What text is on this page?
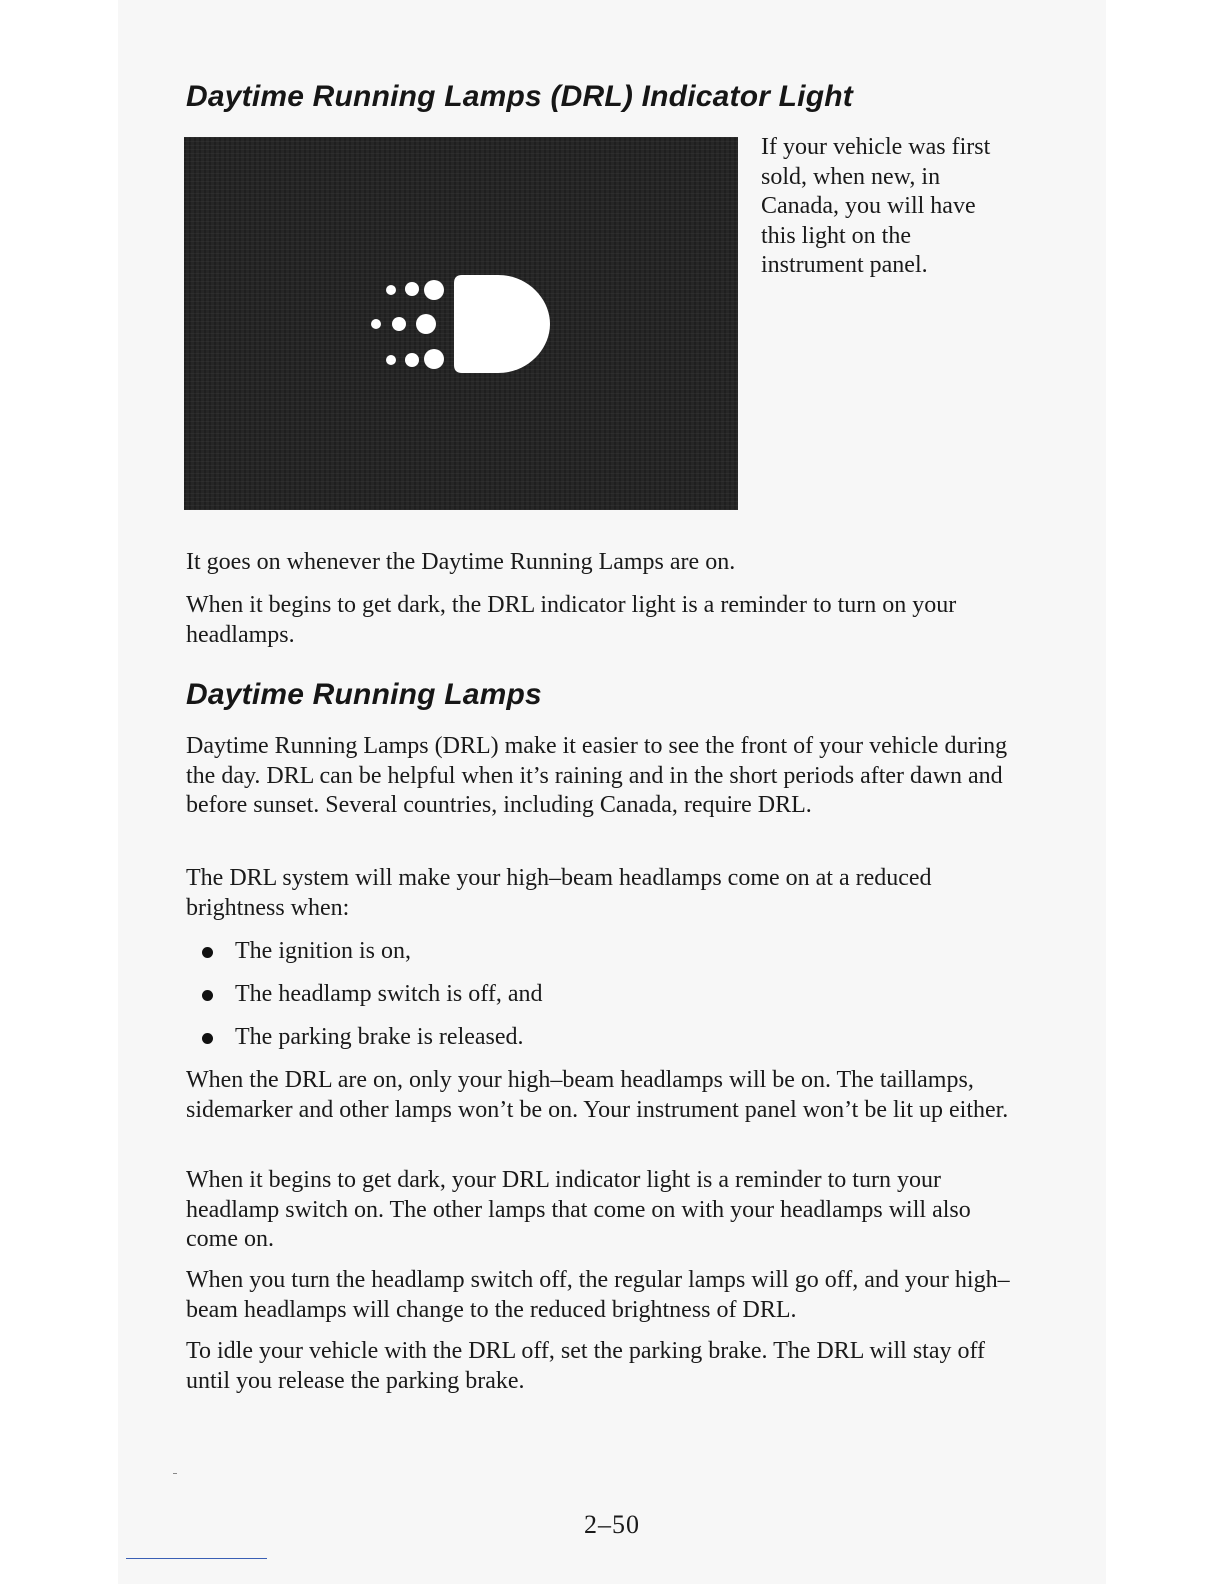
Daytime Running Lamps (DRL) Indicator Light

If your vehicle was first sold, when new, in Canada, you will have this light on the instrument panel.

It goes on whenever the Daytime Running Lamps are on.

When it begins to get dark, the DRL indicator light is a reminder to turn on your headlamps.

Daytime Running Lamps

Daytime Running Lamps (DRL) make it easier to see the front of your vehicle during the day. DRL can be helpful when it’s raining and in the short periods after dawn and before sunset. Several countries, including Canada, require DRL.

The DRL system will make your high–beam headlamps come on at a reduced brightness when:

The ignition is on,
The headlamp switch is off, and
The parking brake is released.

When the DRL are on, only your high–beam headlamps will be on. The taillamps, sidemarker and other lamps won’t be on. Your instrument panel won’t be lit up either.

When it begins to get dark, your DRL indicator light is a reminder to turn your headlamp switch on. The other lamps that come on with your headlamps will also come on.

When you turn the headlamp switch off, the regular lamps will go off, and your high–beam headlamps will change to the reduced brightness of DRL.

To idle your vehicle with the DRL off, set the parking brake. The DRL will stay off until you release the parking brake.

2–50
